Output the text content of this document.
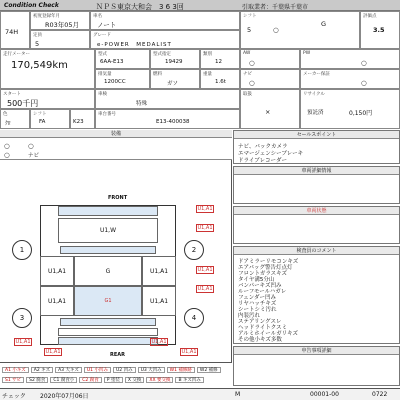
Condition Check	ＮＰＳ東京大和会　3 6 3回	引取業者：千葉県千葉市
74H
初度登録年月
R03年05月
定員
5
車名
ノート
グレード
e-POWER　MEDALIST
シフト
5	○
G
評価点
3.5
走行メーター
170,549km
型式
6AA-E13
型式指定
19429
類別
12
AW
○
PW
○
排気量
1200CC
燃料
ガソ
重量
1.6t
ナビ
○
メーカー保証
○
スタート
500千円
色
ｸﾛ
シフト
FA	K23
車検
特殊
車台番号
E13-400038
取扱
×
リサイクル
預託済	0,150円
装備
○	○
○	ナビ
FRONT
REAR
U1,W
U1,A1	U1,A1
G
U1,A1	U1,A1
G1
1	2
3	4
U1,A1
U1,A1
U1,A1
U1,A1
U1,A1
U1,A1
U1,A1
U1,A1
セールスポイント
ナビ、バックカメラ
エマージェンシーブレーキ
ドライブレコーダー
車両詳細情報
車両状態
検査員のコメント
ドアミラーリモコンキズ
エアバッグ警告灯点灯
フロントガラスキズ
タイヤ溝5分山
バンパーキズ凹み
ルーフモールハガレ
フェンダー凹み
リヤハッチキズ
シートシミ汚れ
内装汚れ
ステアリングスレ
ヘッドライトクスミ
アルミホイールガリキズ
その他小キズ多数
申告事項詳細
A1 小キズ	A2 キズ	A3 大キズ	U1 小凹み	U2 凹み	U3 大凹み	W1 補修跡	W2 補修
S1 サビ	S2 腐食	C1 腐食小	C2 腐食	P 塗装	X 交換	XX 要交換	B キズ凹み
チェック 2020年07月06日	M	00001-00	0722
